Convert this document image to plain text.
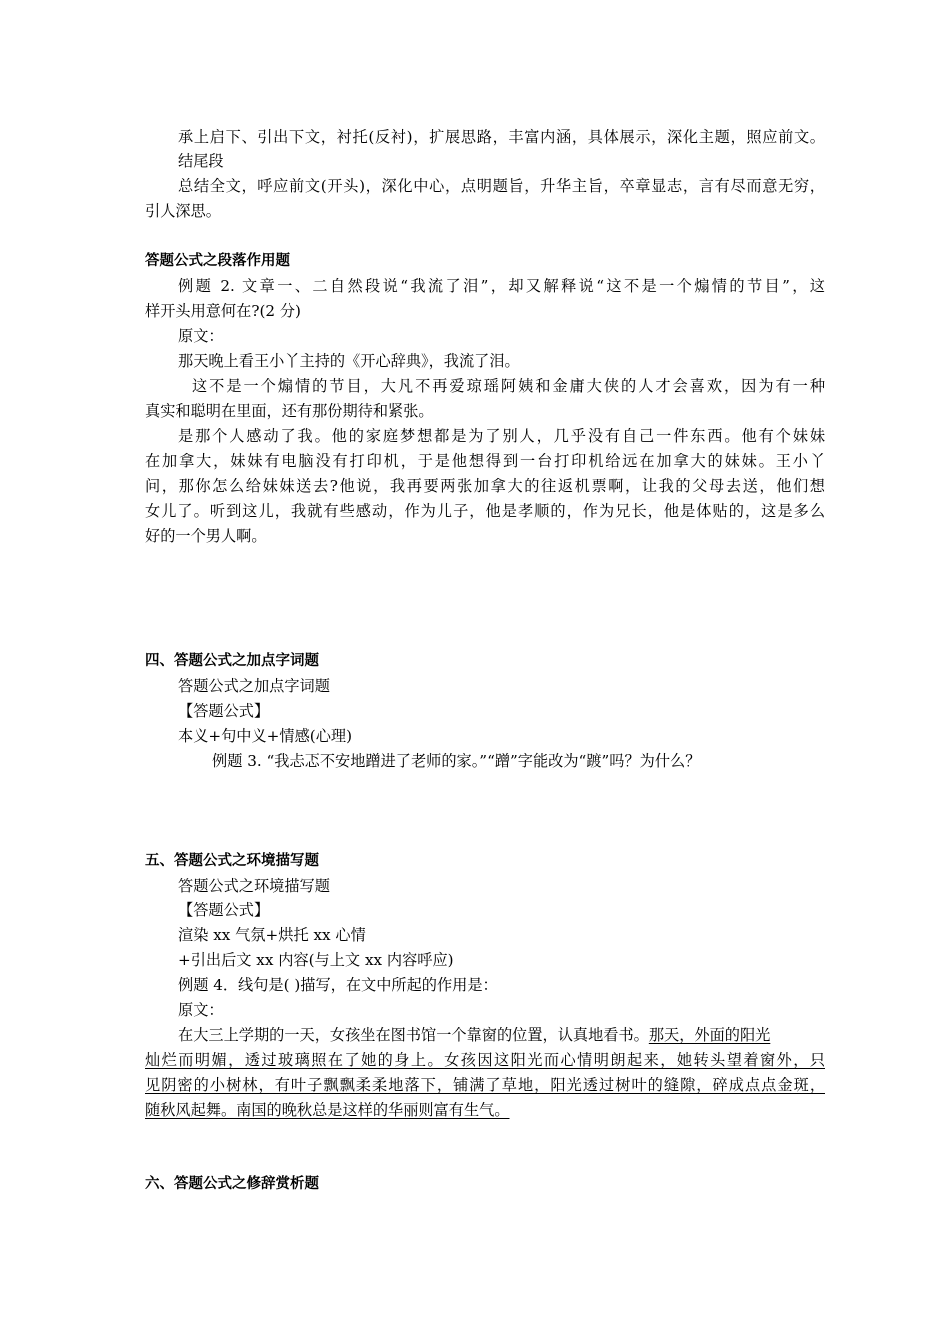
承上启下、引出下文，衬托(反衬)，扩展思路，丰富内涵，具体展示，深化主题，照应前文。
结尾段
总结全文，呼应前文(开头)，深化中心，点明题旨，升华主旨，卒章显志，言有尽而意无穷，
引人深思。
答题公式之段落作用题
例题 2. 文章一、二自然段说“我流了泪”，却又解释说“这不是一个煽情的节目”，这
样开头用意何在?(2 分)
原文：
那天晚上看王小丫主持的《开心辞典》，我流了泪。
这不是一个煽情的节目，大凡不再爱琼瑶阿姨和金庸大侠的人才会喜欢，因为有一种
真实和聪明在里面，还有那份期待和紧张。
是那个人感动了我。他的家庭梦想都是为了别人，几乎没有自己一件东西。他有个妹妹
在加拿大，妹妹有电脑没有打印机，于是他想得到一台打印机给远在加拿大的妹妹。王小丫
问，那你怎么给妹妹送去?他说，我再要两张加拿大的往返机票啊，让我的父母去送，他们想
女儿了。听到这儿，我就有些感动，作为儿子，他是孝顺的，作为兄长，他是体贴的，这是多么
好的一个男人啊。
四、答题公式之加点字词题
答题公式之加点字词题
【答题公式】
本义+句中义+情感(心理)
例题 3. “我忐忑不安地蹭进了老师的家。”“蹭”字能改为“踱”吗？为什么？
五、答题公式之环境描写题
答题公式之环境描写题
【答题公式】
渲染 xx 气氛+烘托 xx 心情
+引出后文 xx 内容(与上文 xx 内容呼应)
例题 4．线句是( )描写，在文中所起的作用是：
原文：
在大三上学期的一天，女孩坐在图书馆一个靠窗的位置，认真地看书。那天，外面的阳光
灿烂而明媚，透过玻璃照在了她的身上。女孩因这阳光而心情明朗起来，她转头望着窗外，只
见阴密的小树林，有叶子飘飘柔柔地落下，铺满了草地，阳光透过树叶的缝隙，碎成点点金斑，
随秋风起舞。南国的晚秋总是这样的华丽则富有生气。
六、答题公式之修辞赏析题
